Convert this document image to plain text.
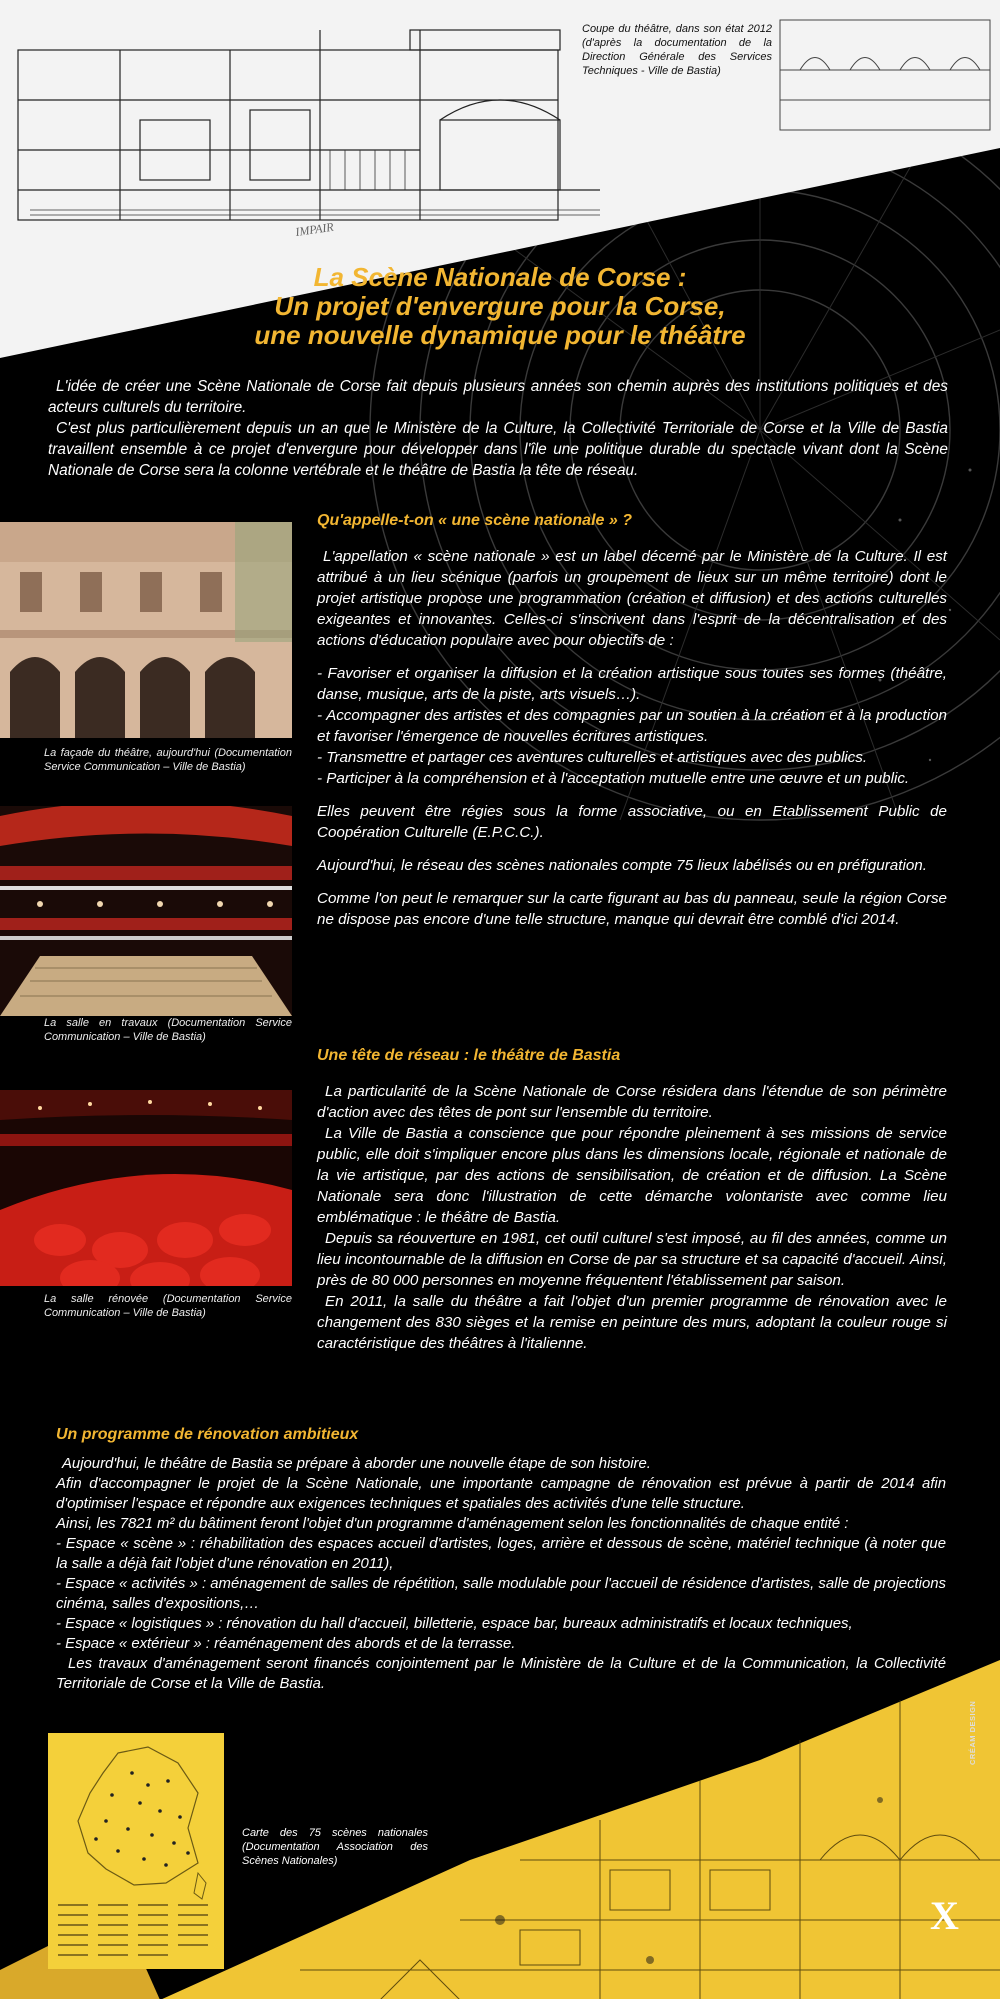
IMPAIR
Coupe du théâtre, dans son état 2012 (d'après la documentation de la Direction Générale des Services Techniques - Ville de Bastia)
La Scène Nationale de Corse :
Un projet d'envergure pour la Corse,
une nouvelle dynamique pour le théâtre

L'idée de créer une Scène Nationale de Corse fait depuis plusieurs années son chemin auprès des institutions politiques et des acteurs culturels du territoire.

C'est plus particulièrement depuis un an que le Ministère de la Culture, la Collectivité Territoriale de Corse et la Ville de Bastia travaillent ensemble à ce projet d'envergure pour développer dans l'île une politique durable du spectacle vivant dont la Scène Nationale de Corse sera la colonne vertébrale et le théâtre de Bastia la tête de réseau.

La façade du théâtre, aujourd'hui (Documentation Service Communication – Ville de Bastia)
La salle en travaux (Documentation Service Communication – Ville de Bastia)
La salle rénovée (Documentation Service Communication – Ville de Bastia)
Qu'appelle-t-on « une scène nationale » ?

L'appellation « scène nationale » est un label décerné par le Ministère de la Culture. Il est attribué à un lieu scénique (parfois un groupement de lieux sur un même territoire) dont le projet artistique propose une programmation (création et diffusion) et des actions culturelles exigeantes et innovantes. Celles-ci s'inscrivent dans l'esprit de la décentralisation et des actions d'éducation populaire avec pour objectifs de :

- Favoriser et organiser la diffusion et la création artistique sous toutes ses formes (théâtre, danse, musique, arts de la piste, arts visuels…).

- Accompagner des artistes et des compagnies par un soutien à la création et à la production et favoriser l'émergence de nouvelles écritures artistiques.

- Transmettre et partager ces aventures culturelles et artistiques avec des publics.

- Participer à la compréhension et à l'acceptation mutuelle entre une œuvre et un public.

Elles peuvent être régies sous la forme associative, ou en Etablissement Public de Coopération Culturelle (E.P.C.C.).

Aujourd'hui, le réseau des scènes nationales compte 75 lieux labélisés ou en préfiguration.

Comme l'on peut le remarquer sur la carte figurant au bas du panneau, seule la région Corse ne dispose pas encore d'une telle structure, manque qui devrait être comblé d'ici 2014.

Une tête de réseau : le théâtre de Bastia

La particularité de la Scène Nationale de Corse résidera dans l'étendue de son périmètre d'action avec des têtes de pont sur l'ensemble du territoire.

La Ville de Bastia a conscience que pour répondre pleinement à ses missions de service public, elle doit s'impliquer encore plus dans les dimensions locale, régionale et nationale de la vie artistique, par des actions de sensibilisation, de création et de diffusion. La Scène Nationale sera donc l'illustration de cette démarche volontariste avec comme lieu emblématique : le théâtre de Bastia.

Depuis sa réouverture en 1981, cet outil culturel s'est imposé, au fil des années, comme un lieu incontournable de la diffusion en Corse de par sa structure et sa capacité d'accueil. Ainsi, près de 80 000 personnes en moyenne fréquentent l'établissement par saison.

En 2011, la salle du théâtre a fait l'objet d'un premier programme de rénovation avec le changement des 830 sièges et la remise en peinture des murs, adoptant la couleur rouge si caractéristique des théâtres à l'italienne.

Un programme de rénovation ambitieux

Aujourd'hui, le théâtre de Bastia se prépare à aborder une nouvelle étape de son histoire.

Afin d'accompagner le projet de la Scène Nationale, une importante campagne de rénovation est prévue à partir de 2014 afin d'optimiser l'espace et répondre aux exigences techniques et spatiales des activités d'une telle structure.

Ainsi, les 7821 m² du bâtiment feront l'objet d'un programme d'aménagement selon les fonctionnalités de chaque entité :

- Espace « scène » : réhabilitation des espaces accueil d'artistes, loges, arrière et dessous de scène, matériel technique (à noter que la salle a déjà fait l'objet d'une rénovation en 2011),

- Espace « activités » : aménagement de salles de répétition, salle modulable pour l'accueil de résidence d'artistes, salle de projections cinéma, salles d'expositions,…

- Espace « logistiques » : rénovation du hall d'accueil, billetterie, espace bar, bureaux administratifs et locaux techniques,

- Espace « extérieur » : réaménagement des abords et de la terrasse.

Les travaux d'aménagement seront financés conjointement par le Ministère de la Culture et de la Communication, la Collectivité Territoriale de Corse et la Ville de Bastia.

Carte des 75 scènes nationales (Documentation Association des Scènes Nationales)
CRÉAM DESIGN
X
